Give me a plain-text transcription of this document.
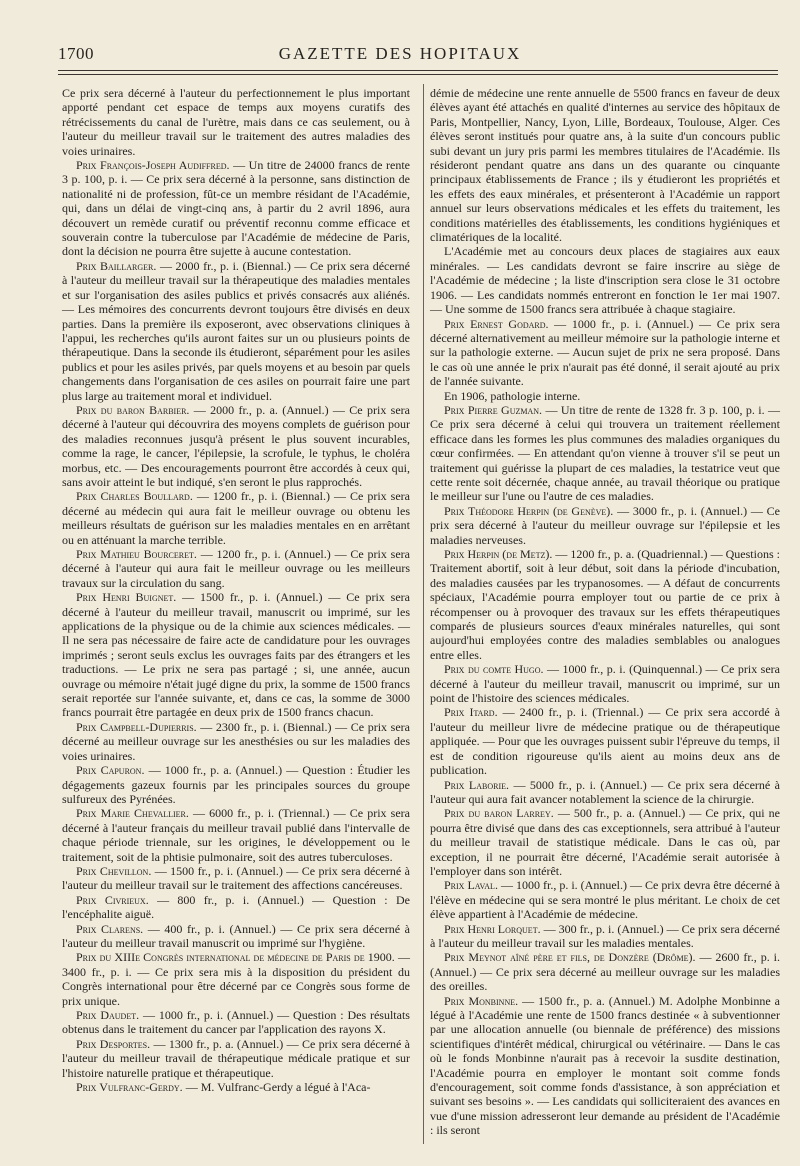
1700	GAZETTE DES HOPITAUX

Ce prix sera décerné à l'auteur du perfectionnement le plus important apporté pendant cet espace de temps aux moyens curatifs des rétrécissements du canal de l'urètre, mais dans ce cas seulement, ou à l'auteur du meilleur travail sur le traitement des autres maladies des voies urinaires.

Prix François-Joseph Audiffred. — Un titre de 24000 francs de rente 3 p. 100, p. i. — Ce prix sera décerné à la personne, sans distinction de nationalité ni de profession, fût-ce un membre résidant de l'Académie, qui, dans un délai de vingt-cinq ans, à partir du 2 avril 1896, aura découvert un remède curatif ou préventif reconnu comme efficace et souverain contre la tuberculose par l'Académie de médecine de Paris, dont la décision ne pourra être sujette à aucune contestation.

Prix Baillarger. — 2000 fr., p. i. (Biennal.) — Ce prix sera décerné à l'auteur du meilleur travail sur la thérapeutique des maladies mentales et sur l'organisation des asiles publics et privés consacrés aux aliénés. — Les mémoires des concurrents devront toujours être divisés en deux parties. Dans la première ils exposeront, avec observations cliniques à l'appui, les recherches qu'ils auront faites sur un ou plusieurs points de thérapeutique. Dans la seconde ils étudieront, séparément pour les asiles publics et pour les asiles privés, par quels moyens et au besoin par quels changements dans l'organisation de ces asiles on pourrait faire une part plus large au traitement moral et individuel.

Prix du baron Barbier. — 2000 fr., p. a. (Annuel.) — Ce prix sera décerné à l'auteur qui découvrira des moyens complets de guérison pour des maladies reconnues jusqu'à présent le plus souvent incurables, comme la rage, le cancer, l'épilepsie, la scrofule, le typhus, le choléra morbus, etc. — Des encouragements pourront être accordés à ceux qui, sans avoir atteint le but indiqué, s'en seront le plus rapprochés.

Prix Charles Boullard. — 1200 fr., p. i. (Biennal.) — Ce prix sera décerné au médecin qui aura fait le meilleur ouvrage ou obtenu les meilleurs résultats de guérison sur les maladies mentales en en arrêtant ou en atténuant la marche terrible.

Prix Mathieu Bourceret. — 1200 fr., p. i. (Annuel.) — Ce prix sera décerné à l'auteur qui aura fait le meilleur ouvrage ou les meilleurs travaux sur la circulation du sang.

Prix Henri Buignet. — 1500 fr., p. i. (Annuel.) — Ce prix sera décerné à l'auteur du meilleur travail, manuscrit ou imprimé, sur les applications de la physique ou de la chimie aux sciences médicales. — Il ne sera pas nécessaire de faire acte de candidature pour les ouvrages imprimés ; seront seuls exclus les ouvrages faits par des étrangers et les traductions. — Le prix ne sera pas partagé ; si, une année, aucun ouvrage ou mémoire n'était jugé digne du prix, la somme de 1500 francs serait reportée sur l'année suivante, et, dans ce cas, la somme de 3000 francs pourrait être partagée en deux prix de 1500 francs chacun.

Prix Campbell-Dupierris. — 2300 fr., p. i. (Biennal.) — Ce prix sera décerné au meilleur ouvrage sur les anesthésies ou sur les maladies des voies urinaires.

Prix Capuron. — 1000 fr., p. a. (Annuel.) — Question : Étudier les dégagements gazeux fournis par les principales sources du groupe sulfureux des Pyrénées.

Prix Marie Chevallier. — 6000 fr., p. i. (Triennal.) — Ce prix sera décerné à l'auteur français du meilleur travail publié dans l'intervalle de chaque période triennale, sur les origines, le développement ou le traitement, soit de la phtisie pulmonaire, soit des autres tuberculoses.

Prix Chevillon. — 1500 fr., p. i. (Annuel.) — Ce prix sera décerné à l'auteur du meilleur travail sur le traitement des affections cancéreuses.

Prix Civrieux. — 800 fr., p. i. (Annuel.) — Question : De l'encéphalite aiguë.

Prix Clarens. — 400 fr., p. i. (Annuel.) — Ce prix sera décerné à l'auteur du meilleur travail manuscrit ou imprimé sur l'hygiène.

Prix du XIIIe Congrès international de médecine de Paris de 1900. — 3400 fr., p. i. — Ce prix sera mis à la disposition du président du Congrès international pour être décerné par ce Congrès sous forme de prix unique.

Prix Daudet. — 1000 fr., p. i. (Annuel.) — Question : Des résultats obtenus dans le traitement du cancer par l'application des rayons X.

Prix Desportes. — 1300 fr., p. a. (Annuel.) — Ce prix sera décerné à l'auteur du meilleur travail de thérapeutique médicale pratique et sur l'histoire naturelle pratique et thérapeutique.

Prix Vulfranc-Gerdy. — M. Vulfranc-Gerdy a légué à l'Aca-

démie de médecine une rente annuelle de 5500 francs en faveur de deux élèves ayant été attachés en qualité d'internes au service des hôpitaux de Paris, Montpellier, Nancy, Lyon, Lille, Bordeaux, Toulouse, Alger. Ces élèves seront institués pour quatre ans, à la suite d'un concours public subi devant un jury pris parmi les membres titulaires de l'Académie. Ils résideront pendant quatre ans dans un des quarante ou cinquante principaux établissements de France ; ils y étudieront les propriétés et les effets des eaux minérales, et présenteront à l'Académie un rapport annuel sur leurs observations médicales et les effets du traitement, les conditions matérielles des établissements, les conditions hygiéniques et climatériques de la localité.

L'Académie met au concours deux places de stagiaires aux eaux minérales. — Les candidats devront se faire inscrire au siège de l'Académie de médecine ; la liste d'inscription sera close le 31 octobre 1906. — Les candidats nommés entreront en fonction le 1er mai 1907. — Une somme de 1500 francs sera attribuée à chaque stagiaire.

Prix Ernest Godard. — 1000 fr., p. i. (Annuel.) — Ce prix sera décerné alternativement au meilleur mémoire sur la pathologie interne et sur la pathologie externe. — Aucun sujet de prix ne sera proposé. Dans le cas où une année le prix n'aurait pas été donné, il serait ajouté au prix de l'année suivante.

En 1906, pathologie interne.

Prix Pierre Guzman. — Un titre de rente de 1328 fr. 3 p. 100, p. i. — Ce prix sera décerné à celui qui trouvera un traitement réellement efficace dans les formes les plus communes des maladies organiques du cœur confirmées. — En attendant qu'on vienne à trouver s'il se peut un traitement qui guérisse la plupart de ces maladies, la testatrice veut que cette rente soit décernée, chaque année, au travail théorique ou pratique le meilleur sur l'une ou l'autre de ces maladies.

Prix Théodore Herpin (de Genève). — 3000 fr., p. i. (Annuel.) — Ce prix sera décerné à l'auteur du meilleur ouvrage sur l'épilepsie et les maladies nerveuses.

Prix Herpin (de Metz). — 1200 fr., p. a. (Quadriennal.) — Questions : Traitement abortif, soit à leur début, soit dans la période d'incubation, des maladies causées par les trypanosomes. — A défaut de concurrents spéciaux, l'Académie pourra employer tout ou partie de ce prix à récompenser ou à provoquer des travaux sur les effets thérapeutiques comparés de plusieurs sources d'eaux minérales naturelles, qui sont aujourd'hui employées contre des maladies semblables ou analogues entre elles.

Prix du comte Hugo. — 1000 fr., p. i. (Quinquennal.) — Ce prix sera décerné à l'auteur du meilleur travail, manuscrit ou imprimé, sur un point de l'histoire des sciences médicales.

Prix Itard. — 2400 fr., p. i. (Triennal.) — Ce prix sera accordé à l'auteur du meilleur livre de médecine pratique ou de thérapeutique appliquée. — Pour que les ouvrages puissent subir l'épreuve du temps, il est de condition rigoureuse qu'ils aient au moins deux ans de publication.

Prix Laborie. — 5000 fr., p. i. (Annuel.) — Ce prix sera décerné à l'auteur qui aura fait avancer notablement la science de la chirurgie.

Prix du baron Larrey. — 500 fr., p. a. (Annuel.) — Ce prix, qui ne pourra être divisé que dans des cas exceptionnels, sera attribué à l'auteur du meilleur travail de statistique médicale. Dans le cas où, par exception, il ne pourrait être décerné, l'Académie serait autorisée à l'employer dans son intérêt.

Prix Laval. — 1000 fr., p. i. (Annuel.) — Ce prix devra être décerné à l'élève en médecine qui se sera montré le plus méritant. Le choix de cet élève appartient à l'Académie de médecine.

Prix Henri Lorquet. — 300 fr., p. i. (Annuel.) — Ce prix sera décerné à l'auteur du meilleur travail sur les maladies mentales.

Prix Meynot aîné père et fils, de Donzère (Drôme). — 2600 fr., p. i. (Annuel.) — Ce prix sera décerné au meilleur ouvrage sur les maladies des oreilles.

Prix Monbinne. — 1500 fr., p. a. (Annuel.) M. Adolphe Monbinne a légué à l'Académie une rente de 1500 francs destinée « à subventionner par une allocation annuelle (ou biennale de préférence) des missions scientifiques d'intérêt médical, chirurgical ou vétérinaire. — Dans le cas où le fonds Monbinne n'aurait pas à recevoir la susdite destination, l'Académie pourra en employer le montant soit comme fonds d'encouragement, soit comme fonds d'assistance, à son appréciation et suivant ses besoins ». — Les candidats qui solliciteraient des avances en vue d'une mission adresseront leur demande au président de l'Académie : ils seront
